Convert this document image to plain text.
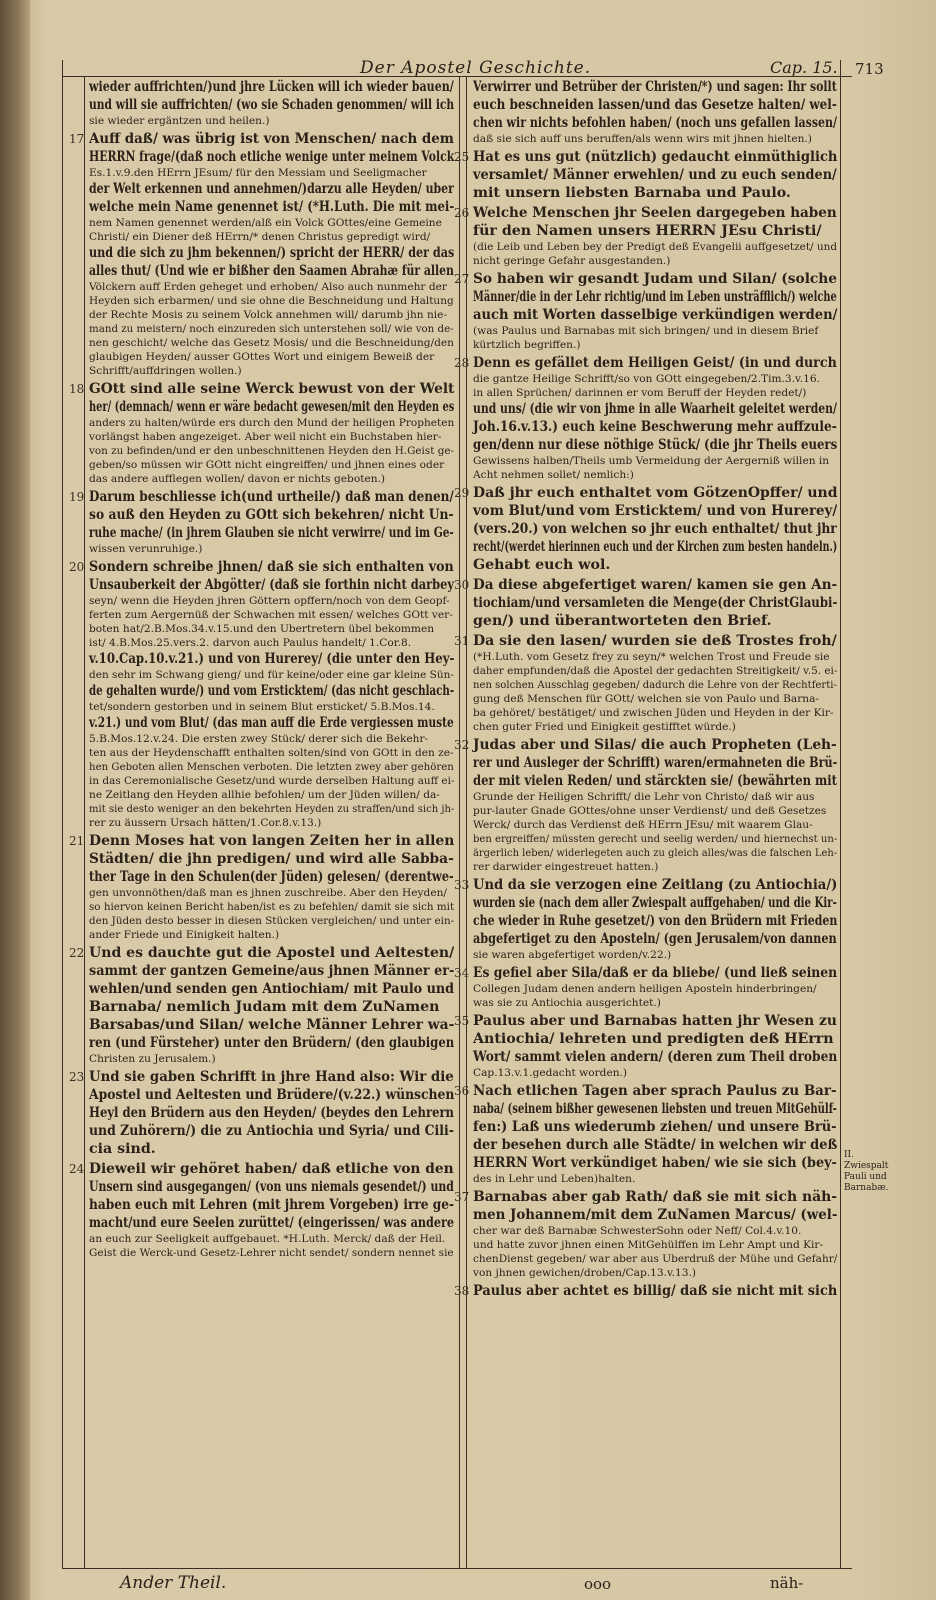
Der Apostel Geschichte.	Cap. 15. 713
wieder auffrichten/)und jhre Lücken will ich wieder bauen/
und will sie auffrichten/ (wo sie Schaden genommen/ will ich
sie wieder ergäntzen und heilen.)
Auff daß/ was übrig ist von Menschen/ nach dem
HERRN frage/(daß noch etliche wenige unter meinem Volck
Es.1.v.9.den HErrn JEsum/ für den Messiam und Seeligmacher
der Welt erkennen und annehmen/)darzu alle Heyden/ uber
welche mein Name genennet ist/ (*H.Luth. Die mit mei-
nem Namen genennet werden/alß ein Volck GOttes/eine Gemeine
Christi/ ein Diener deß HErrn/* denen Christus gepredigt wird/
und die sich zu jhm bekennen/) spricht der HERR/ der das
alles thut/ (Und wie er bißher den Saamen Abrahæ für allen
Völckern auff Erden geheget und erhoben/ Also auch nunmehr der
Heyden sich erbarmen/ und sie ohne die Beschneidung und Haltung
der Rechte Mosis zu seinem Volck annehmen will/ darumb jhn nie-
mand zu meistern/ noch einzureden sich unterstehen soll/ wie von de-
nen geschicht/ welche das Gesetz Mosis/ und die Beschneidung/den
glaubigen Heyden/ ausser GOttes Wort und einigem Beweiß der
Schrifft/auffdringen wollen.)
17
GOtt sind alle seine Werck bewust von der Welt
her/ (demnach/ wenn er wäre bedacht gewesen/mit den Heyden es
anders zu halten/würde ers durch den Mund der heiligen Propheten
vorlängst haben angezeiget. Aber weil nicht ein Buchstaben hier-
von zu befinden/und er den unbeschnittenen Heyden den H.Geist ge-
geben/so müssen wir GOtt nicht eingreiffen/ und jhnen eines oder
das andere aufflegen wollen/ davon er nichts geboten.)
18
Darum beschliesse ich(und urtheile/) daß man denen/
so auß den Heyden zu GOtt sich bekehren/ nicht Un-
ruhe mache/ (in jhrem Glauben sie nicht verwirre/ und im Ge-
wissen verunruhige.)
19
Sondern schreibe jhnen/ daß sie sich enthalten von
Unsauberkeit der Abgötter/ (daß sie forthin nicht darbey
seyn/ wenn die Heyden jhren Göttern opffern/noch von dem Geopf-
ferten zum Aergernüß der Schwachen mit essen/ welches GOtt ver-
boten hat/2.B.Mos.34.v.15.und den Ubertretern übel bekommen
ist/ 4.B.Mos.25.vers.2. darvon auch Paulus handelt/ 1.Cor.8.
v.10.Cap.10.v.21.) und von Hurerey/ (die unter den Hey-
den sehr im Schwang gieng/ und für keine/oder eine gar kleine Sün-
de gehalten wurde/) und vom Ersticktem/ (das nicht geschlach-
tet/sondern gestorben und in seinem Blut ersticket/ 5.B.Mos.14.
v.21.) und vom Blut/ (das man auff die Erde vergiessen muste
5.B.Mos.12.v.24. Die ersten zwey Stück/ derer sich die Bekehr-
ten aus der Heydenschafft enthalten solten/sind von GOtt in den ze-
hen Geboten allen Menschen verboten. Die letzten zwey aber gehören
in das Ceremonialische Gesetz/und wurde derselben Haltung auff ei-
ne Zeitlang den Heyden allhie befohlen/ um der Jüden willen/ da-
mit sie desto weniger an den bekehrten Heyden zu straffen/und sich jh-
rer zu äussern Ursach hätten/1.Cor.8.v.13.)
20
Denn Moses hat von langen Zeiten her in allen
Städten/ die jhn predigen/ und wird alle Sabba-
ther Tage in den Schulen(der Jüden) gelesen/ (derentwe-
gen unvonnöthen/daß man es jhnen zuschreibe. Aber den Heyden/
so hiervon keinen Bericht haben/ist es zu befehlen/ damit sie sich mit
den Jüden desto besser in diesen Stücken vergleichen/ und unter ein-
ander Friede und Einigkeit halten.)
21
Und es dauchte gut die Apostel und Aeltesten/
sammt der gantzen Gemeine/aus jhnen Männer er-
wehlen/und senden gen Antiochiam/ mit Paulo und
Barnaba/ nemlich Judam mit dem ZuNamen
Barsabas/und Silan/ welche Männer Lehrer wa-
ren (und Fürsteher) unter den Brüdern/ (den glaubigen
Christen zu Jerusalem.)
22
Und sie gaben Schrifft in jhre Hand also: Wir die
Apostel und Aeltesten und Brüdere/(v.22.) wünschen
Heyl den Brüdern aus den Heyden/ (beydes den Lehrern
und Zuhörern/) die zu Antiochia und Syria/ und Cili-
cia sind.
23
Dieweil wir gehöret haben/ daß etliche von den
Unsern sind ausgegangen/ (von uns niemals gesendet/) und
haben euch mit Lehren (mit jhrem Vorgeben) irre ge-
macht/und eure Seelen zurüttet/ (eingerissen/ was andere
an euch zur Seeligkeit auffgebauet. *H.Luth. Merck/ daß der Heil.
Geist die Werck-und Gesetz-Lehrer nicht sendet/ sondern nennet sie
24
Verwirrer und Betrüber der Christen/*) und sagen: Ihr sollt
euch beschneiden lassen/und das Gesetze halten/ wel-
chen wir nichts befohlen haben/ (noch uns gefallen lassen/
daß sie sich auff uns beruffen/als wenn wirs mit jhnen hielten.)
Hat es uns gut (nützlich) gedaucht einmüthiglich
versamlet/ Männer erwehlen/ und zu euch senden/
mit unsern liebsten Barnaba und Paulo.
25
Welche Menschen jhr Seelen dargegeben haben
für den Namen unsers HERRN JEsu Christi/
(die Leib und Leben bey der Predigt deß Evangelii auffgesetzet/ und
nicht geringe Gefahr ausgestanden.)
26
So haben wir gesandt Judam und Silan/ (solche
Männer/die in der Lehr richtig/und im Leben unsträfflich/) welche
auch mit Worten dasselbige verkündigen werden/
(was Paulus und Barnabas mit sich bringen/ und in diesem Brief
kürtzlich begriffen.)
27
Denn es gefället dem Heiligen Geist/ (in und durch
die gantze Heilige Schrifft/so von GOtt eingegeben/2.Tim.3.v.16.
in allen Sprüchen/ darinnen er vom Beruff der Heyden redet/)
und uns/ (die wir von jhme in alle Waarheit geleitet werden/
Joh.16.v.13.) euch keine Beschwerung mehr auffzule-
gen/denn nur diese nöthige Stück/ (die jhr Theils euers
Gewissens halben/Theils umb Vermeidung der Aergerniß willen in
Acht nehmen sollet/ nemlich:)
28
Daß jhr euch enthaltet vom GötzenOpffer/ und
vom Blut/und vom Ersticktem/ und von Hurerey/
(vers.20.) von welchen so jhr euch enthaltet/ thut jhr
recht/(werdet hierinnen euch und der Kirchen zum besten handeln.)
Gehabt euch wol.
29
Da diese abgefertiget waren/ kamen sie gen An-
tiochiam/und versamleten die Menge(der ChristGlaubi-
gen/) und überantworteten den Brief.
30
Da sie den lasen/ wurden sie deß Trostes froh/
(*H.Luth. vom Gesetz frey zu seyn/* welchen Trost und Freude sie
daher empfunden/daß die Apostel der gedachten Streitigkeit/ v.5. ei-
nen solchen Ausschlag gegeben/ dadurch die Lehre von der Rechtferti-
gung deß Menschen für GOtt/ welchen sie von Paulo und Barna-
ba gehöret/ bestätiget/ und zwischen Jüden und Heyden in der Kir-
chen guter Fried und Einigkeit gestifftet würde.)
31
Judas aber und Silas/ die auch Propheten (Leh-
rer und Ausleger der Schrifft) waren/ermahneten die Brü-
der mit vielen Reden/ und stärckten sie/ (bewährten mit
Grunde der Heiligen Schrifft/ die Lehr von Christo/ daß wir aus
pur-lauter Gnade GOttes/ohne unser Verdienst/ und deß Gesetzes
Werck/ durch das Verdienst deß HErrn JEsu/ mit waarem Glau-
ben ergreiffen/ müssten gerecht und seelig werden/ und hiernechst un-
ärgerlich leben/ widerlegeten auch zu gleich alles/was die falschen Leh-
rer darwider eingestreuet hatten.)
32
Und da sie verzogen eine Zeitlang (zu Antiochia/)
wurden sie (nach dem aller Zwiespalt auffgehaben/ und die Kir-
che wieder in Ruhe gesetzet/) von den Brüdern mit Frieden
abgefertiget zu den Aposteln/ (gen Jerusalem/von dannen
sie waren abgefertiget worden/v.22.)
33
Es gefiel aber Sila/daß er da bliebe/ (und ließ seinen
Collegen Judam denen andern heiligen Aposteln hinderbringen/
was sie zu Antiochia ausgerichtet.)
34
Paulus aber und Barnabas hatten jhr Wesen zu
Antiochia/ lehreten und predigten deß HErrn
Wort/ sammt vielen andern/ (deren zum Theil droben
Cap.13.v.1.gedacht worden.)
35
Nach etlichen Tagen aber sprach Paulus zu Bar-
naba/ (seinem bißher gewesenen liebsten und treuen MitGehülf-
fen:) Laß uns wiederumb ziehen/ und unsere Brü-
der besehen durch alle Städte/ in welchen wir deß
HERRN Wort verkündiget haben/ wie sie sich (bey-
des in Lehr und Leben)halten.
36
Barnabas aber gab Rath/ daß sie mit sich näh-
men Johannem/mit dem ZuNamen Marcus/ (wel-
cher war deß Barnabæ SchwesterSohn oder Neff/ Col.4.v.10.
und hatte zuvor jhnen einen MitGehülffen im Lehr Ampt und Kir-
chenDienst gegeben/ war aber aus Uberdruß der Mühe und Gefahr/
von jhnen gewichen/droben/Cap.13.v.13.)
37
Paulus aber achtet es billig/ daß sie nicht mit sich
38
II. Zwiespalt Pauli und Barnabæ.
Ander Theil.	ooo	näh-
